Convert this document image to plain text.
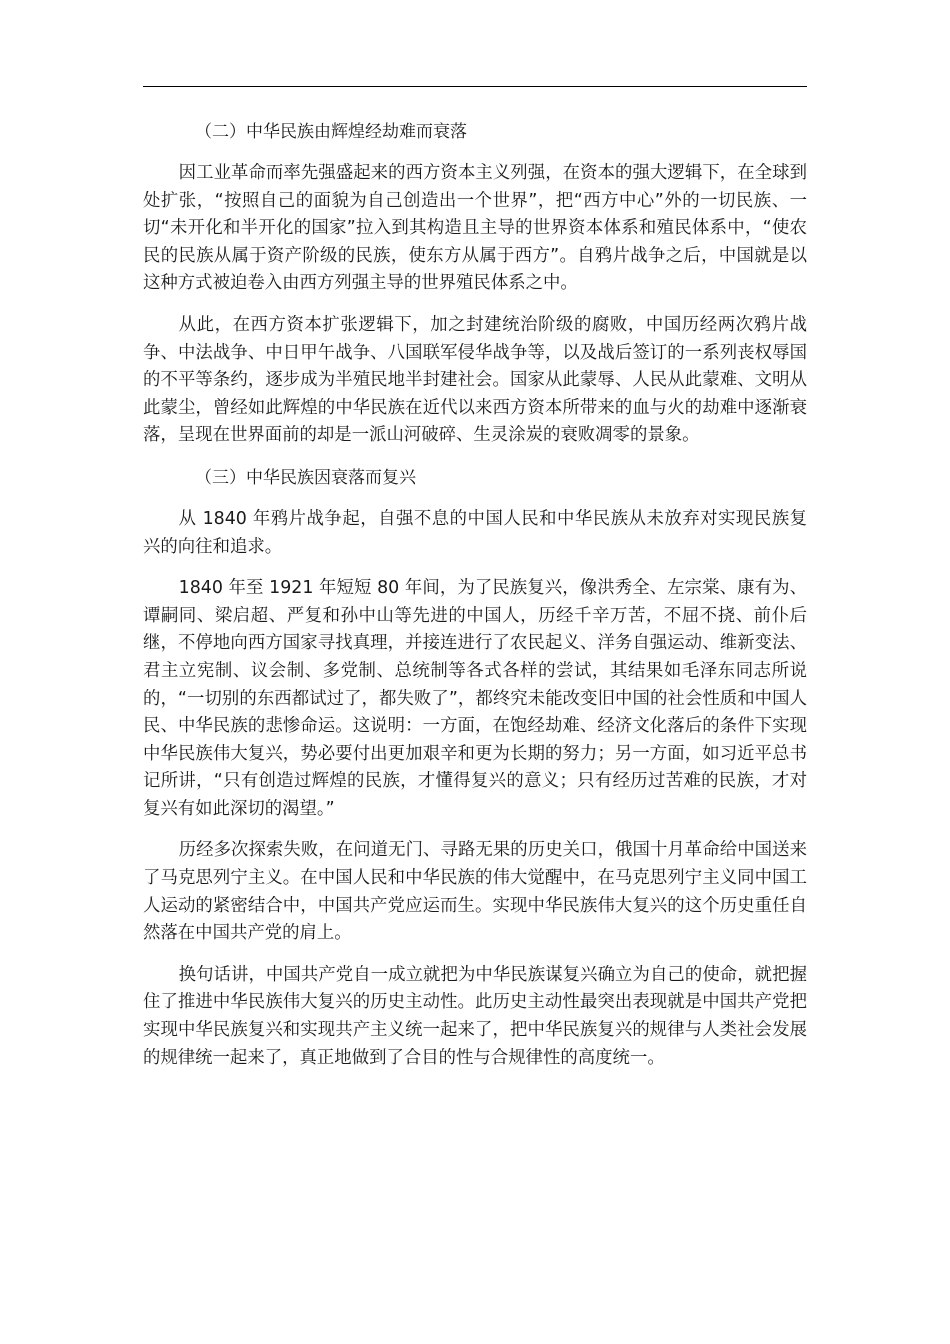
（二）中华民族由辉煌经劫难而衰落

因工业革命而率先强盛起来的西方资本主义列强，在资本的强大逻辑下，在全球到处扩张，“按照自己的面貌为自己创造出一个世界”，把“西方中心”外的一切民族、一切“未开化和半开化的国家”拉入到其构造且主导的世界资本体系和殖民体系中，“使农民的民族从属于资产阶级的民族，使东方从属于西方”。自鸦片战争之后，中国就是以这种方式被迫卷入由西方列强主导的世界殖民体系之中。

从此，在西方资本扩张逻辑下，加之封建统治阶级的腐败，中国历经两次鸦片战争、中法战争、中日甲午战争、八国联军侵华战争等，以及战后签订的一系列丧权辱国的不平等条约，逐步成为半殖民地半封建社会。国家从此蒙辱、人民从此蒙难、文明从此蒙尘，曾经如此辉煌的中华民族在近代以来西方资本所带来的血与火的劫难中逐渐衰落，呈现在世界面前的却是一派山河破碎、生灵涂炭的衰败凋零的景象。

（三）中华民族因衰落而复兴

从 1840 年鸦片战争起，自强不息的中国人民和中华民族从未放弃对实现民族复兴的向往和追求。

1840 年至 1921 年短短 80 年间，为了民族复兴，像洪秀全、左宗棠、康有为、谭嗣同、梁启超、严复和孙中山等先进的中国人，历经千辛万苦，不屈不挠、前仆后继，不停地向西方国家寻找真理，并接连进行了农民起义、洋务自强运动、维新变法、君主立宪制、议会制、多党制、总统制等各式各样的尝试，其结果如毛泽东同志所说的，“一切别的东西都试过了，都失败了”，都终究未能改变旧中国的社会性质和中国人民、中华民族的悲惨命运。这说明：一方面，在饱经劫难、经济文化落后的条件下实现中华民族伟大复兴，势必要付出更加艰辛和更为长期的努力；另一方面，如习近平总书记所讲，“只有创造过辉煌的民族，才懂得复兴的意义；只有经历过苦难的民族，才对复兴有如此深切的渴望。”

历经多次探索失败，在问道无门、寻路无果的历史关口，俄国十月革命给中国送来了马克思列宁主义。在中国人民和中华民族的伟大觉醒中，在马克思列宁主义同中国工人运动的紧密结合中，中国共产党应运而生。实现中华民族伟大复兴的这个历史重任自然落在中国共产党的肩上。

换句话讲，中国共产党自一成立就把为中华民族谋复兴确立为自己的使命，就把握住了推进中华民族伟大复兴的历史主动性。此历史主动性最突出表现就是中国共产党把实现中华民族复兴和实现共产主义统一起来了，把中华民族复兴的规律与人类社会发展的规律统一起来了，真正地做到了合目的性与合规律性的高度统一。
